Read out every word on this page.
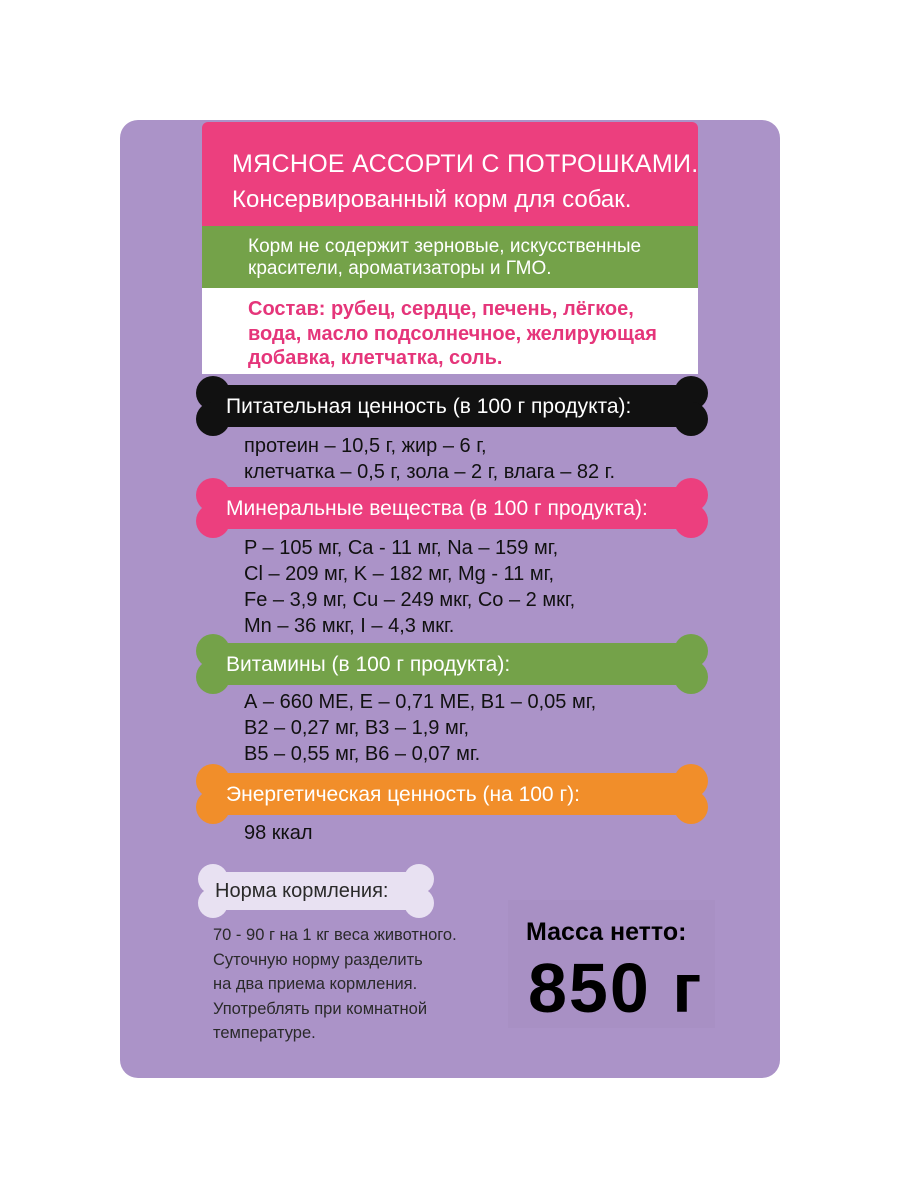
МЯСНОЕ АССОРТИ С ПОТРОШКАМИ.
Консервированный корм для собак.
Корм не содержит зерновые, искусственные
красители, ароматизаторы и ГМО.
Состав: рубец, сердце, печень, лёгкое,
вода, масло подсолнечное, желирующая
добавка, клетчатка, соль.
Питательная ценность (в 100 г продукта):
протеин – 10,5 г, жир – 6 г,
клетчатка – 0,5 г, зола – 2 г, влага – 82 г.
Минеральные вещества (в 100 г продукта):
P – 105 мг, Ca - 11 мг, Na – 159 мг,
Cl – 209 мг, K – 182 мг, Mg - 11 мг,
Fe – 3,9 мг, Cu – 249 мкг, Co – 2 мкг,
Mn – 36 мкг, I – 4,3 мкг.
Витамины (в 100 г продукта):
А – 660 МЕ, Е – 0,71 МЕ, В1 – 0,05 мг,
В2 – 0,27 мг, В3 – 1,9 мг,
В5 – 0,55 мг, В6 – 0,07 мг.
Энергетическая ценность (на 100 г):
98 ккал
Норма кормления:
70 - 90 г на 1 кг веса животного.
Суточную норму разделить
на два приема кормления.
Употреблять при комнатной
температуре.
Масса нетто:
850 г
